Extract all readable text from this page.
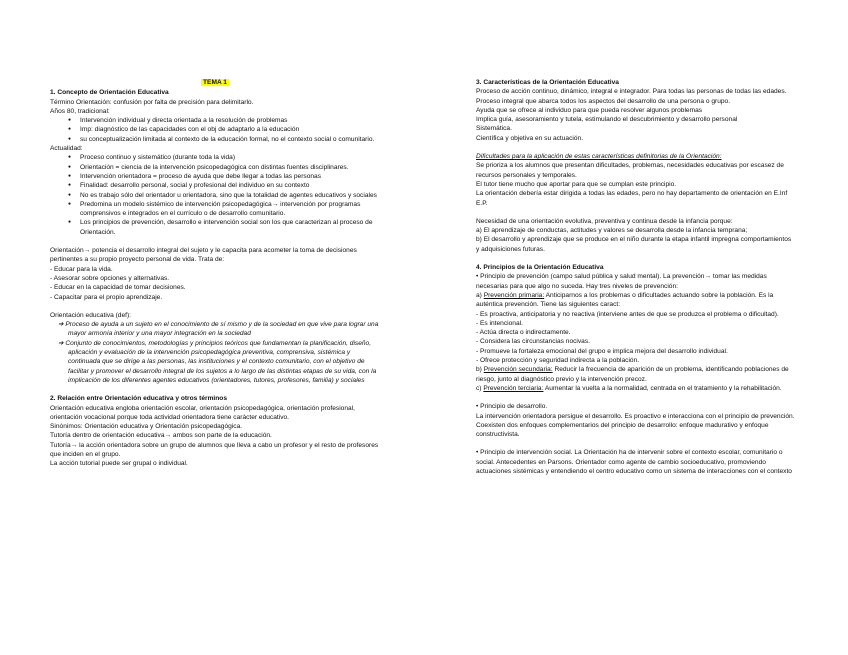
TEMA 1

1. Concepto de Orientación Educativa

Término Orientación: confusión por falta de precisión para delimitarlo.

Años 80, tradicional:

● Intervención individual y directa orientada a la resolución de problemas
● Imp: diagnóstico de las capacidades con el obj de adaptarlo a la educación
● su conceptualización limitada al contexto de la educación formal, no el contexto social o comunitario.

Actualidad:

● Proceso continuo y sistemático (durante toda la vida)
● Orientación = ciencia de la intervención psicopedagógica con distintas fuentes disciplinares.
● Intervención orientadora = proceso de ayuda que debe llegar a todas las personas
● Finalidad: desarrollo personal, social y profesional del individuo en su contexto
● No es trabajo sólo del orientador u orientadora, sino que la totalidad de agentes educativos y sociales
● Predomina un modelo sistémico de intervención psicopedagógica→ intervención por programas comprensivos e integrados en el currículo o de desarrollo comunitario.
● Los principios de prevención, desarrollo e intervención social son los que caracterizan al proceso de Orientación.

Orientación→ potencia el desarrollo integral del sujeto y le capacita para acometer la toma de decisiones pertinentes a su propio proyecto personal de vida. Trata de:

- Educar para la vida.

- Asesorar sobre opciones y alternativas.

- Educar en la capacidad de tomar decisiones.

- Capacitar para el propio aprendizaje.

Orientación educativa (def):

➔ Proceso de ayuda a un sujeto en el conocimiento de sí mismo y de la sociedad en que vive para lograr una mayor armonía interior y una mayor integración en la sociedad

➔ Conjunto de conocimientos, metodologías y principios teóricos que fundamentan la planificación, diseño, aplicación y evaluación de la intervención psicopedagógica preventiva, comprensiva, sistémica y continuada que se dirige a las personas, las instituciones y el contexto comunitario, con el objetivo de facilitar y promover el desarrollo integral de los sujetos a lo largo de las distintas etapas de su vida, con la implicación de los diferentes agentes educativos (orientadores, tutores, profesores, familia) y sociales

2. Relación entre Orientación educativa y otros términos

Orientación educativa engloba orientación escolar, orientación psicopedagógica, orientación profesional, orientación vocacional porque toda actividad orientadora tiene carácter educativo.

Sinónimos: Orientación educativa y Orientación psicopedagógica.

Tutoría dentro de orientación educativa→ ambos son parte de la educación.

Tutoría→ la acción orientadora sobre un grupo de alumnos que lleva a cabo un profesor y el resto de profesores que inciden en el grupo.

La acción tutorial puede ser grupal o individual.

3. Características de la Orientación Educativa

Proceso de acción continuo, dinámico, integral e integrador. Para todas las personas de todas las edades.

Proceso integral que abarca todos los aspectos del desarrollo de una persona o grupo.

Ayuda que se ofrece al individuo para que pueda resolver algunos problemas

Implica guía, asesoramiento y tutela, estimulando el descubrimiento y desarrollo personal

Sistemática.

Científica y objetiva en su actuación.

Dificultades para la aplicación de estas características definitorias de la Orientación:

Se prioriza a los alumnos que presentan dificultades, problemas, necesidades educativas por escasez de recursos personales y temporales.

El tutor tiene mucho que aportar para que se cumplan este principio.

La orientación debería estar dirigida a todas las edades, pero no hay departamento de orientación en E.Inf E.P.

Necesidad de una orientación evolutiva, preventiva y continua desde la infancia porque:

a) El aprendizaje de conductas, actitudes y valores se desarrolla desde la infancia temprana;

b) El desarrollo y aprendizaje que se produce en el niño durante la etapa infantil impregna comportamientos y adquisiciones futuras.

4. Principios de la Orientación Educativa

• Principio de prevención (campo salud pública y salud mental). La prevención→ tomar las medidas necesarias para que algo no suceda. Hay tres niveles de prevención:

a) Prevención primaria: Anticiparnos a los problemas o dificultades actuando sobre la población. Es la auténtica prevención. Tiene las siguientes caract:

- Es proactiva, anticipatoria y no reactiva (interviene antes de que se produzca el problema o dificultad).

- Es intencional.

- Actúa directa o indirectamente.

- Considera las circunstancias nocivas.

- Promueve la fortaleza emocional del grupo e implica mejora del desarrollo individual.

- Ofrece protección y seguridad indirecta a la población.

b) Prevención secundaria: Reducir la frecuencia de aparición de un problema, identificando poblaciones de riesgo, junto al diagnóstico previo y la intervención precoz.

c) Prevención terciaria: Aumentar la vuelta a la normalidad, centrada en el tratamiento y la rehabilitación.

• Principio de desarrollo.

La intervención orientadora persigue el desarrollo. Es proactivo e interacciona con el principio de prevención. Coexisten dos enfoques complementarios del principio de desarrollo: enfoque madurativo y enfoque constructivista.

• Principio de intervención social. La Orientación ha de intervenir sobre el contexto escolar, comunitario o social. Antecedentes en Parsons. Orientador como agente de cambio socioeducativo, promoviendo actuaciones sistémicas y entendiendo el centro educativo como un sistema de interacciones con el contexto
